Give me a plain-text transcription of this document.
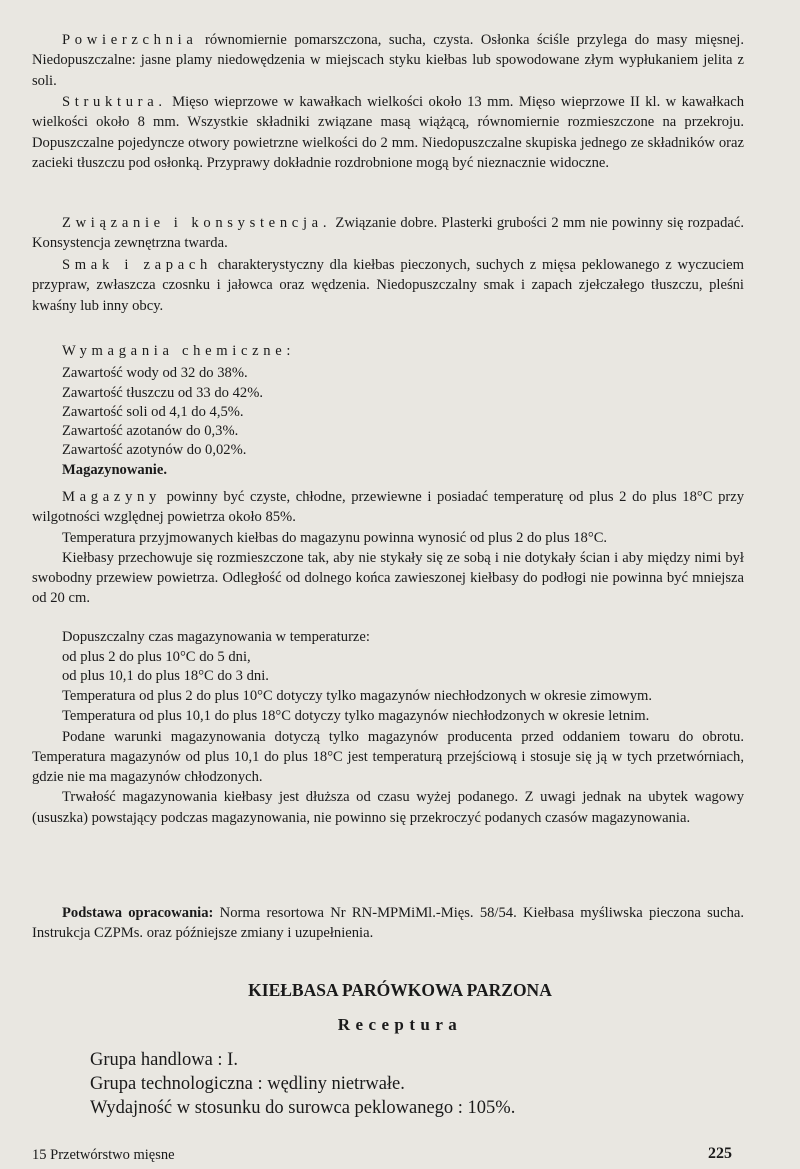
Powierzchnia równomiernie pomarszczona, sucha, czysta. Osłonka ściśle przylega do masy mięsnej. Niedopuszczalne: jasne plamy niedowędzenia w miejscach styku kiełbas lub spowodowane złym wypłukaniem jelita z soli.

Struktura. Mięso wieprzowe w kawałkach wielkości około 13 mm. Mięso wieprzowe II kl. w kawałkach wielkości około 8 mm. Wszystkie składniki związane masą wiążącą, równomiernie rozmieszczone na przekroju. Dopuszczalne pojedyncze otwory powietrzne wielkości do 2 mm. Niedopuszczalne skupiska jednego ze składników oraz zacieki tłuszczu pod osłonką. Przyprawy dokładnie rozdrobnione mogą być nieznacznie widoczne.

Związanie i konsystencja. Związanie dobre. Plasterki grubości 2 mm nie powinny się rozpadać. Konsystencja zewnętrzna twarda.

Smak i zapach charakterystyczny dla kiełbas pieczonych, suchych z mięsa peklowanego z wyczuciem przypraw, zwłaszcza czosnku i jałowca oraz wędzenia. Niedopuszczalny smak i zapach zjełczałego tłuszczu, pleśni kwaśny lub inny obcy.

Wymagania chemiczne:
Zawartość wody od 32 do 38%.
Zawartość tłuszczu od 33 do 42%.
Zawartość soli od 4,1 do 4,5%.
Zawartość azotanów do 0,3%.
Zawartość azotynów do 0,02%.
Magazynowanie.

Magazyny powinny być czyste, chłodne, przewiewne i posiadać temperaturę od plus 2 do plus 18°C przy wilgotności względnej powietrza około 85%.

Temperatura przyjmowanych kiełbas do magazynu powinna wynosić od plus 2 do plus 18°C.

Kiełbasy przechowuje się rozmieszczone tak, aby nie stykały się ze sobą i nie dotykały ścian i aby między nimi był swobodny przewiew powietrza. Odległość od dolnego końca zawieszonej kiełbasy do podłogi nie powinna być mniejsza od 20 cm.

Dopuszczalny czas magazynowania w temperaturze:
od plus 2 do plus 10°C do 5 dni,
od plus 10,1 do plus 18°C do 3 dni.

Temperatura od plus 2 do plus 10°C dotyczy tylko magazynów niechłodzonych w okresie zimowym.

Temperatura od plus 10,1 do plus 18°C dotyczy tylko magazynów niechłodzonych w okresie letnim.

Podane warunki magazynowania dotyczą tylko magazynów producenta przed oddaniem towaru do obrotu. Temperatura magazynów od plus 10,1 do plus 18°C jest temperaturą przejściową i stosuje się ją w tych przetwórniach, gdzie nie ma magazynów chłodzonych.

Trwałość magazynowania kiełbasy jest dłuższa od czasu wyżej podanego. Z uwagi jednak na ubytek wagowy (ususzka) powstający podczas magazynowania, nie powinno się przekroczyć podanych czasów magazynowania.

Podstawa opracowania: Norma resortowa Nr RN-MPMiMl.-Mięs. 58/54. Kiełbasa myśliwska pieczona sucha. Instrukcja CZPMs. oraz późniejsze zmiany i uzupełnienia.

KIEŁBASA PARÓWKOWA PARZONA
Receptura
Grupa handlowa : I.
Grupa technologiczna : wędliny nietrwałe.
Wydajność w stosunku do surowca peklowanego : 105%.
15 Przetwórstwo mięsne	225
